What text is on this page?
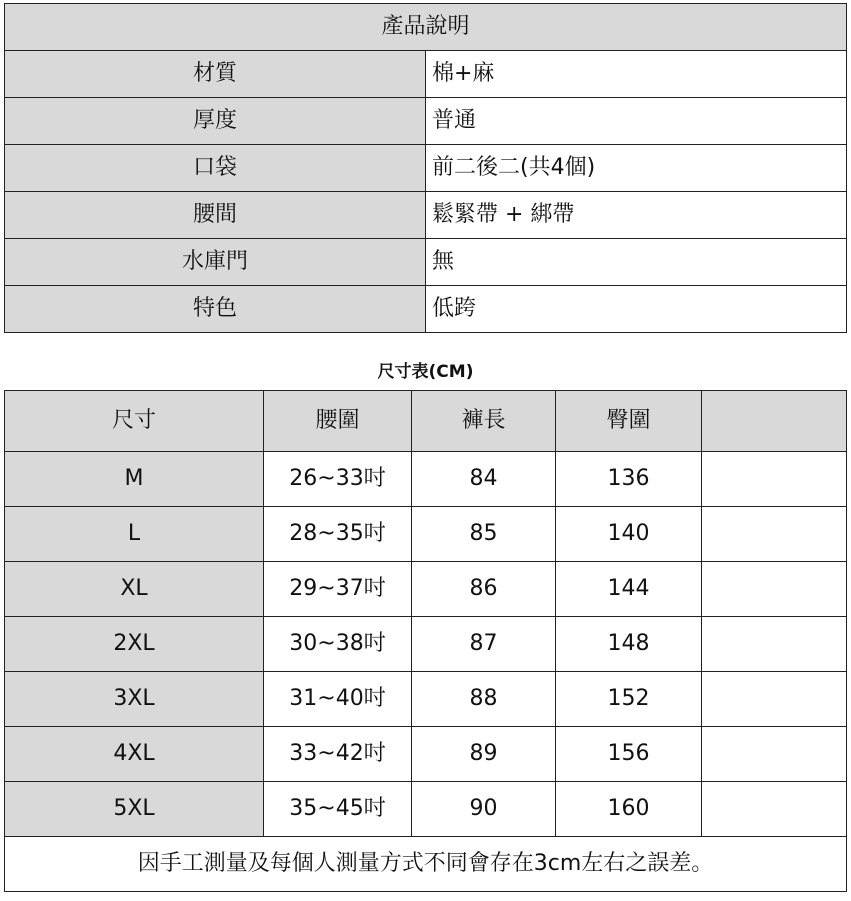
產品說明	
材質	棉+麻
厚度	普通
口袋	前二後二(共4個)
腰間	鬆緊帶 + 綁帶
水庫門	無
特色	低跨
尺寸表(CM)
尺寸	腰圍	褲長	臀圍	
M	26~33吋	84	136	
L	28~35吋	85	140	
XL	29~37吋	86	144	
2XL	30~38吋	87	148	
3XL	31~40吋	88	152	
4XL	33~42吋	89	156	
5XL	35~45吋	90	160	
因手工測量及每個人測量方式不同會存在3cm左右之誤差。				
